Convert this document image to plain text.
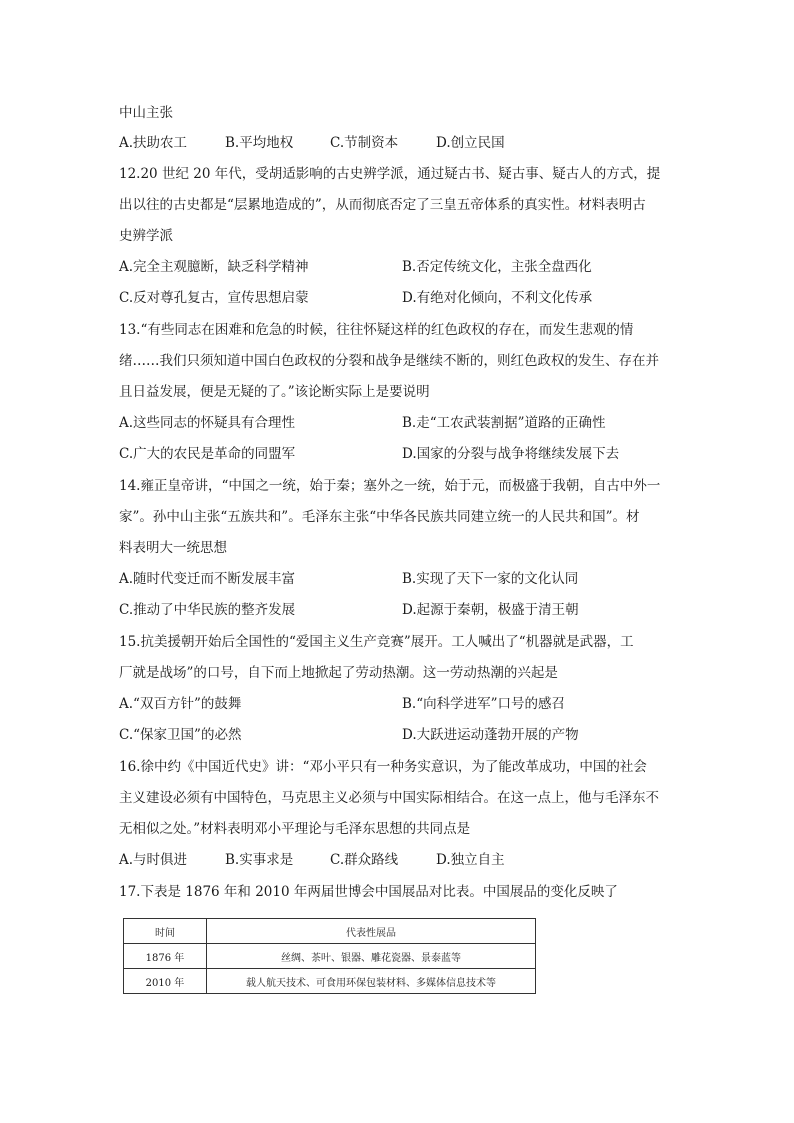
中山主张
A.扶助农工	B.平均地权	C.节制资本	D.创立民国
12.20 世纪 20 年代，受胡适影响的古史辨学派，通过疑古书、疑古事、疑古人的方式，提
出以往的古史都是“层累地造成的”，从而彻底否定了三皇五帝体系的真实性。材料表明古
史辨学派
A.完全主观臆断，缺乏科学精神	B.否定传统文化，主张全盘西化
C.反对尊孔复古，宣传思想启蒙	D.有绝对化倾向，不利文化传承
13.“有些同志在困难和危急的时候，往往怀疑这样的红色政权的存在，而发生悲观的情
绪……我们只须知道中国白色政权的分裂和战争是继续不断的，则红色政权的发生、存在并
且日益发展，便是无疑的了。”该论断实际上是要说明
A.这些同志的怀疑具有合理性	B.走“工农武装割据”道路的正确性
C.广大的农民是革命的同盟军	D.国家的分裂与战争将继续发展下去
14.雍正皇帝讲，“中国之一统，始于秦；塞外之一统，始于元，而极盛于我朝，自古中外一
家”。孙中山主张“五族共和”。毛泽东主张“中华各民族共同建立统一的人民共和国”。材
料表明大一统思想
A.随时代变迁而不断发展丰富	B.实现了天下一家的文化认同
C.推动了中华民族的整齐发展	D.起源于秦朝，极盛于清王朝
15.抗美援朝开始后全国性的“爱国主义生产竞赛”展开。工人喊出了“机器就是武器，工
厂就是战场”的口号，自下而上地掀起了劳动热潮。这一劳动热潮的兴起是
A.“双百方针”的鼓舞	B.“向科学进军”口号的感召
C.“保家卫国”的必然	D.大跃进运动蓬勃开展的产物
16.徐中约《中国近代史》讲：“邓小平只有一种务实意识，为了能改革成功，中国的社会
主义建设必须有中国特色，马克思主义必须与中国实际相结合。在这一点上，他与毛泽东不
无相似之处。”材料表明邓小平理论与毛泽东思想的共同点是
A.与时俱进	B.实事求是	C.群众路线	D.独立自主
17.下表是 1876 年和 2010 年两届世博会中国展品对比表。中国展品的变化反映了
时间	代表性展品
1876 年	丝绸、茶叶、银器、雕花瓷器、景泰蓝等
2010 年	载人航天技术、可食用环保包装材料、多媒体信息技术等
